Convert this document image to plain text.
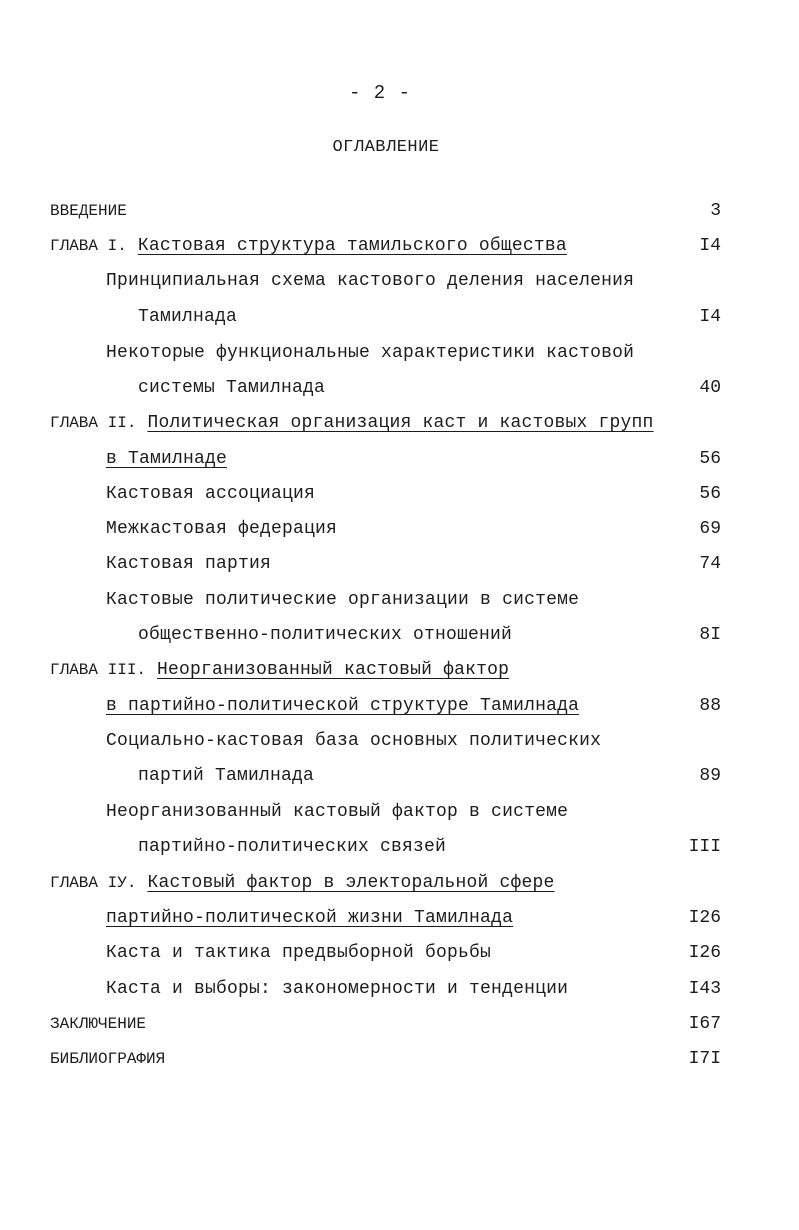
- 2 -
ОГЛАВЛЕНИЕ
ВВЕДЕНИЕ	3
ГЛАВА I. Кастовая структура тамильского общества	I4
Принципиальная схема кастового деления населения
Тамилнада	I4
Некоторые функциональные характеристики кастовой
системы Тамилнада	40
ГЛАВА II. Политическая организация каст и кастовых групп
в Тамилнаде	56
Кастовая ассоциация	56
Межкастовая федерация	69
Кастовая партия	74
Кастовые политические организации в системе
общественно-политических отношений	8I
ГЛАВА III. Неорганизованный кастовый фактор
в партийно-политической структуре Тамилнада	88
Социально-кастовая база основных политических
партий Тамилнада	89
Неорганизованный кастовый фактор в системе
партийно-политических связей	III
ГЛАВА IУ. Кастовый фактор в электоральной сфере
партийно-политической жизни Тамилнада	I26
Каста и тактика предвыборной борьбы	I26
Каста и выборы: закономерности и тенденции	I43
ЗАКЛЮЧЕНИЕ	I67
БИБЛИОГРАФИЯ	I7I
